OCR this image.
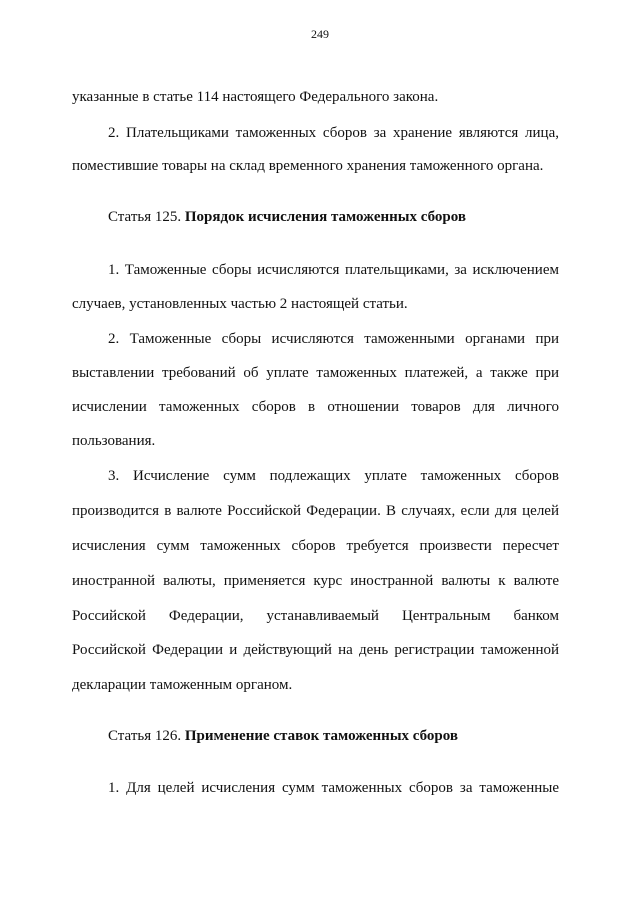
249
указанные в статье 114 настоящего Федерального закона.
2. Плательщиками таможенных сборов за хранение являются лица,
поместившие товары на склад временного хранения таможенного органа.
Статья 125. Порядок исчисления таможенных сборов
1. Таможенные сборы исчисляются плательщиками, за исключением
случаев, установленных частью 2 настоящей статьи.
2. Таможенные сборы исчисляются таможенными органами при
выставлении требований об уплате таможенных платежей, а также при
исчислении таможенных сборов в отношении товаров для личного
пользования.
3. Исчисление сумм подлежащих уплате таможенных сборов
производится в валюте Российской Федерации. В случаях, если для целей
исчисления сумм таможенных сборов требуется произвести пересчет
иностранной валюты, применяется курс иностранной валюты к валюте
Российской Федерации, устанавливаемый Центральным банком
Российской Федерации и действующий на день регистрации таможенной
декларации таможенным органом.
Статья 126. Применение ставок таможенных сборов
1. Для целей исчисления сумм таможенных сборов за таможенные
